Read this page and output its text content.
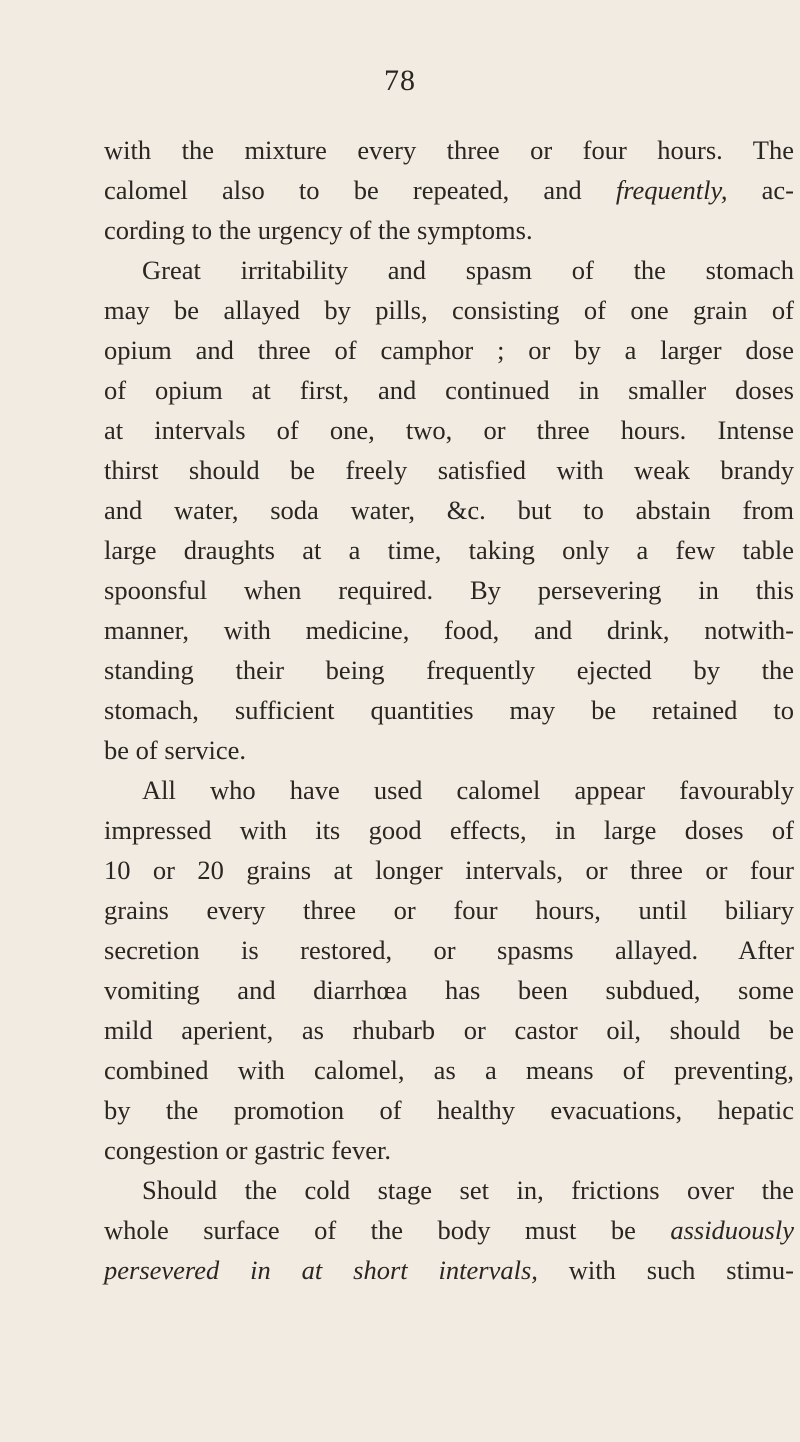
78
with the mixture every three or four hours. The
calomel also to be repeated, and frequently, ac-
cording to the urgency of the symptoms.
Great irritability and spasm of the stomach
may be allayed by pills, consisting of one grain of
opium and three of camphor ; or by a larger dose
of opium at first, and continued in smaller doses
at intervals of one, two, or three hours. Intense
thirst should be freely satisfied with weak brandy
and water, soda water, &c. but to abstain from
large draughts at a time, taking only a few table
spoonsful when required. By persevering in this
manner, with medicine, food, and drink, notwith-
standing their being frequently ejected by the
stomach, sufficient quantities may be retained to
be of service.
All who have used calomel appear favourably
impressed with its good effects, in large doses of
10 or 20 grains at longer intervals, or three or four
grains every three or four hours, until biliary
secretion is restored, or spasms allayed. After
vomiting and diarrhœa has been subdued, some
mild aperient, as rhubarb or castor oil, should be
combined with calomel, as a means of preventing,
by the promotion of healthy evacuations, hepatic
congestion or gastric fever.
Should the cold stage set in, frictions over the
whole surface of the body must be assiduously
persevered in at short intervals, with such stimu-
